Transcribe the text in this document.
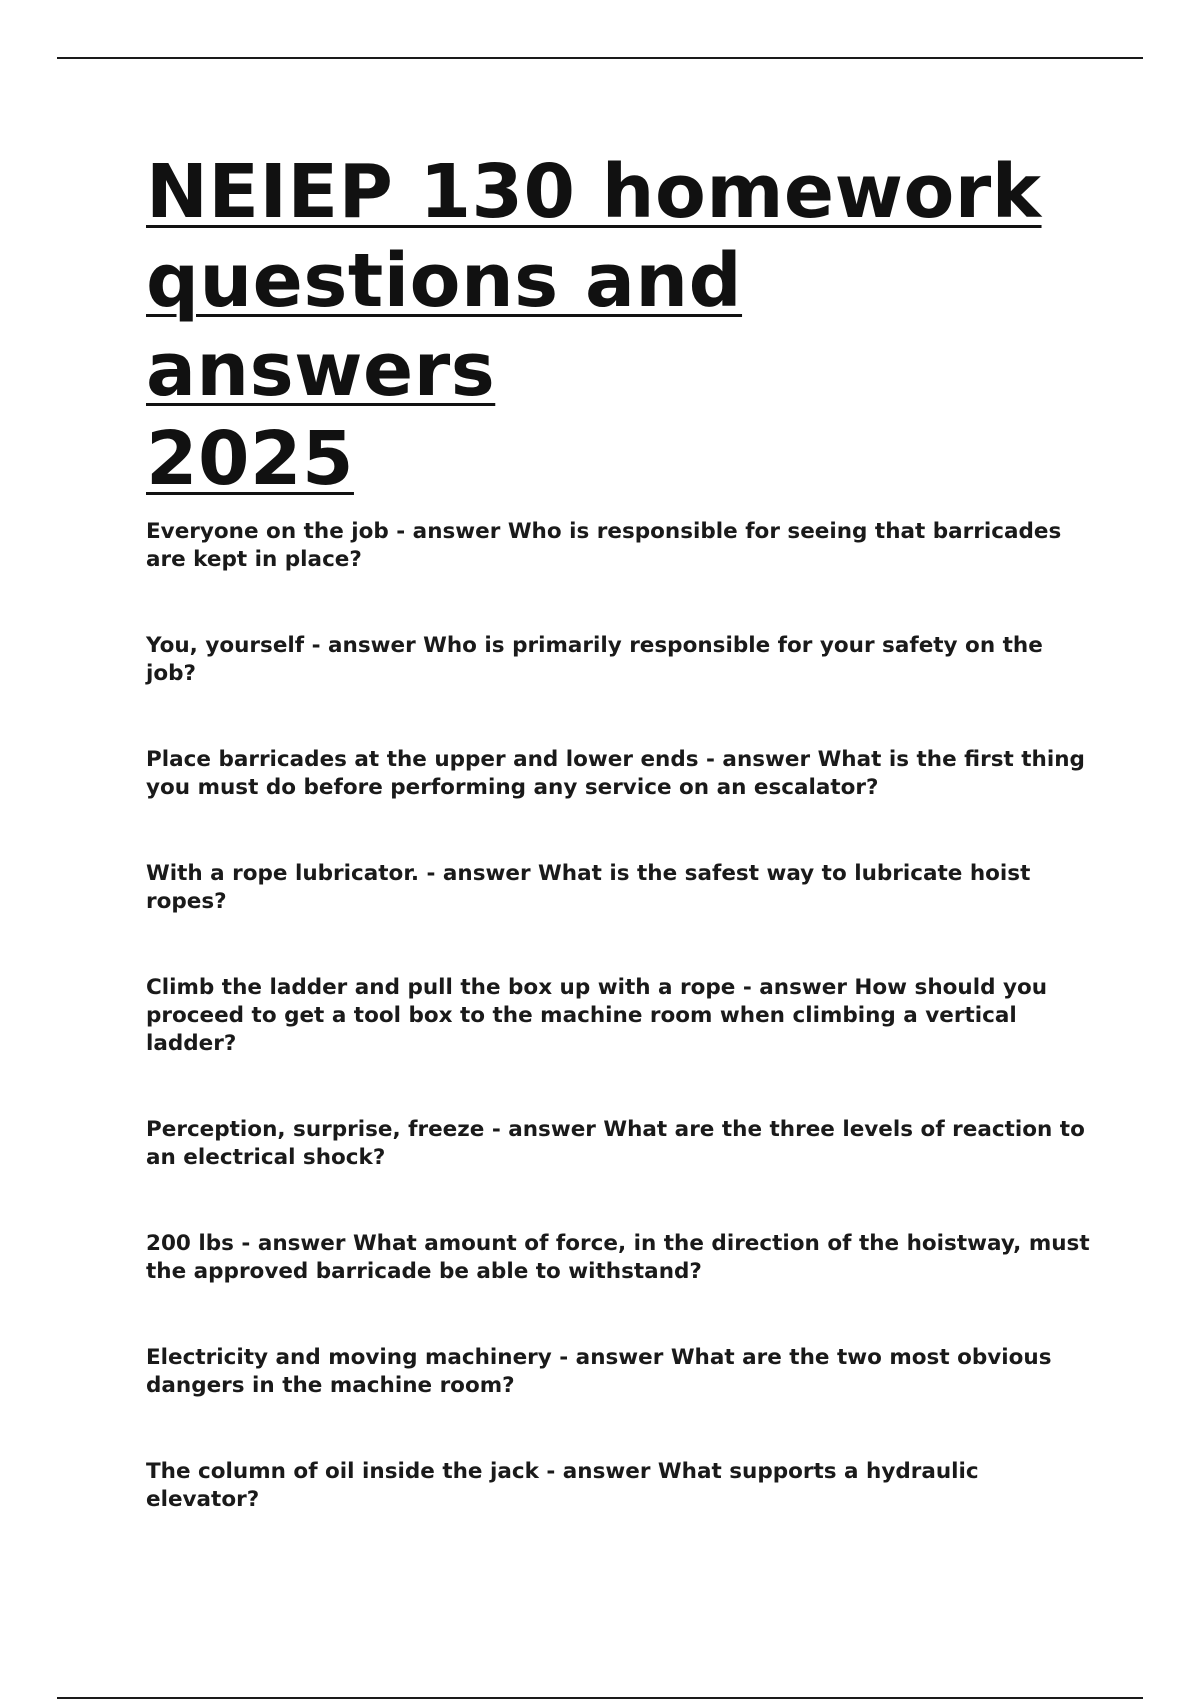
NEIEP 130 homework
questions and answers
2025
Everyone on the job - answer Who is responsible for seeing that barricades are kept in place?
You, yourself - answer Who is primarily responsible for your safety on the job?
Place barricades at the upper and lower ends - answer What is the first thing you must do before performing any service on an escalator?
With a rope lubricator. - answer What is the safest way to lubricate hoist ropes?
Climb the ladder and pull the box up with a rope - answer How should you proceed to get a tool box to the machine room when climbing a vertical ladder?
Perception, surprise, freeze - answer What are the three levels of reaction to an electrical shock?
200 lbs - answer What amount of force, in the direction of the hoistway, must the approved barricade be able to withstand?
Electricity and moving machinery - answer What are the two most obvious dangers in the machine room?
The column of oil inside the jack - answer What supports a hydraulic elevator?
